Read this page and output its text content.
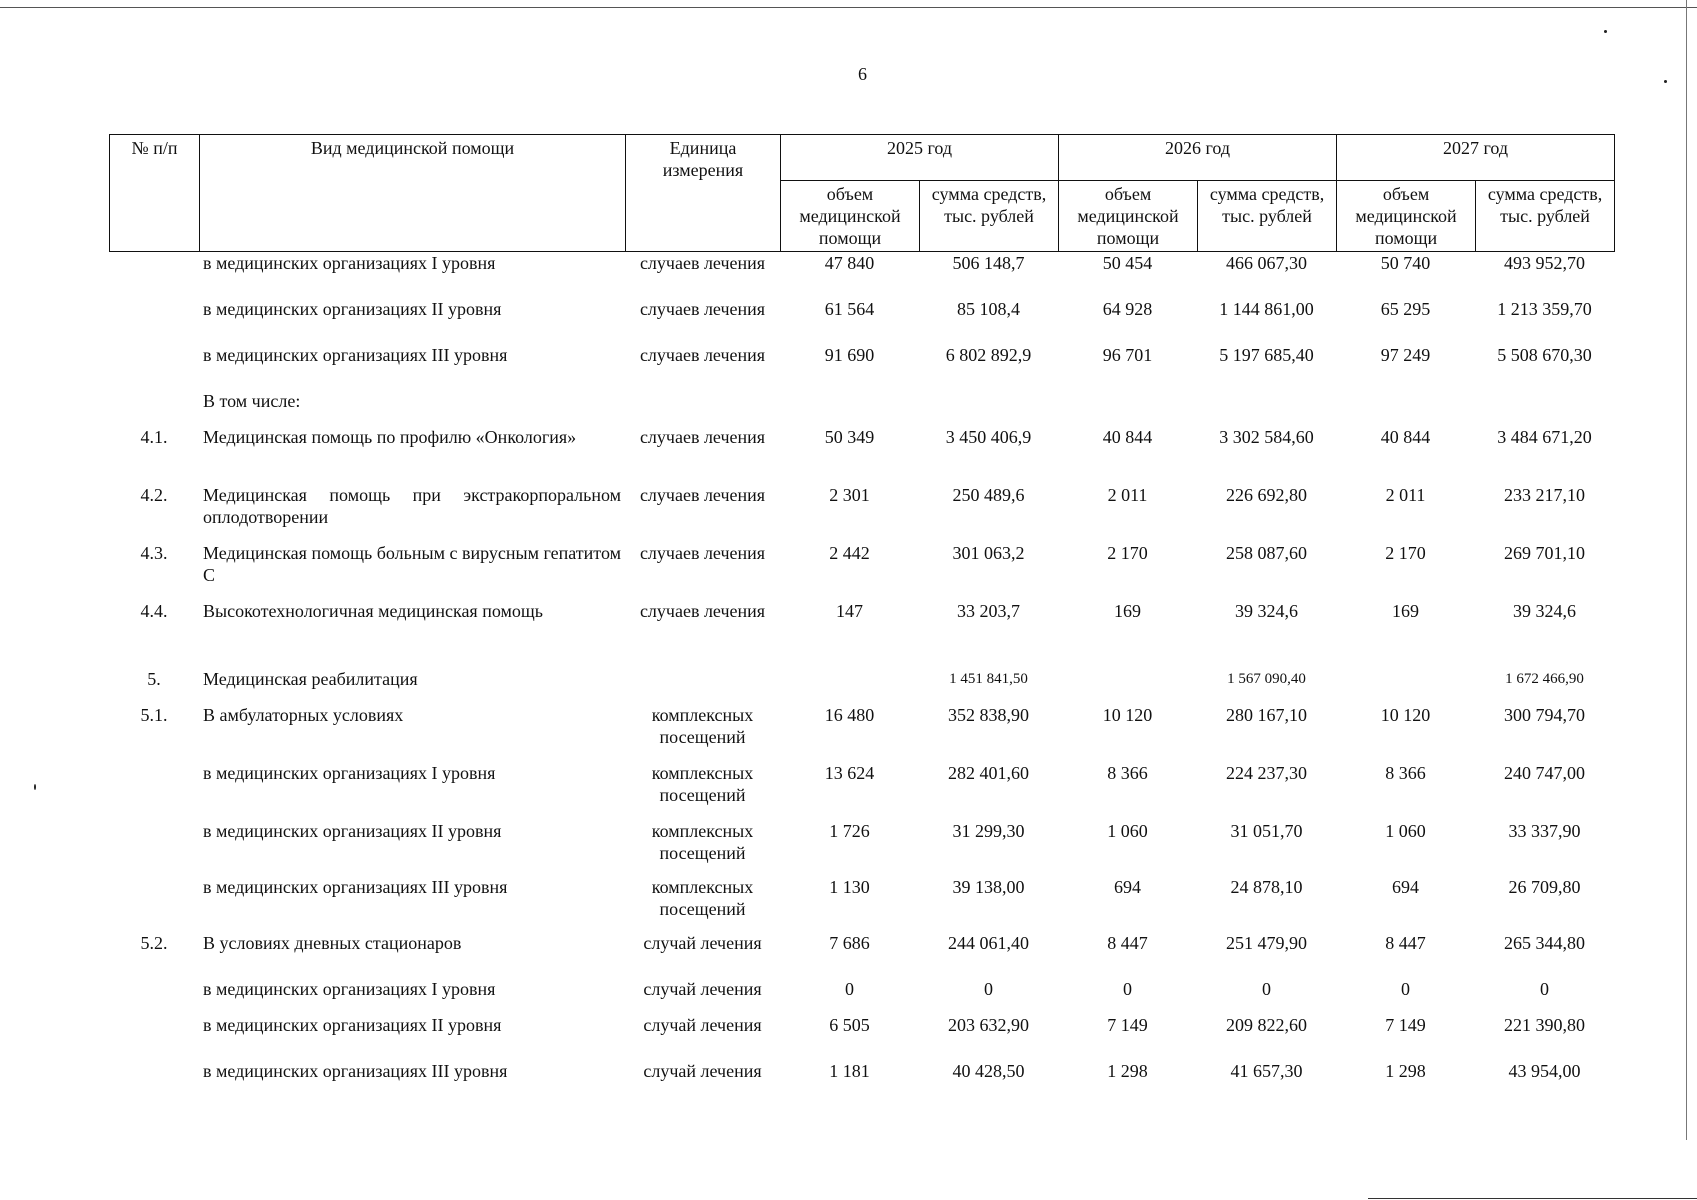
6
№ п/п	Вид медицинской помощи	Единица измерения	2025 год		2026 год		2027 год	
			объем медицинской помощи	сумма средств, тыс. рублей	объем медицинской помощи	сумма средств, тыс. рублей	объем медицинской помощи	сумма средств, тыс. рублей
	в медицинских организациях I уровня	случаев лечения	47 840	506 148,7	50 454	466 067,30	50 740	493 952,70
	в медицинских организациях II уровня	случаев лечения	61 564	85 108,4	64 928	1 144 861,00	65 295	1 213 359,70
	в медицинских организациях III уровня	случаев лечения	91 690	6 802 892,9	96 701	5 197 685,40	97 249	5 508 670,30
	В том числе:							
4.1.	Медицинская помощь по профилю «Онкология»	случаев лечения	50 349	3 450 406,9	40 844	3 302 584,60	40 844	3 484 671,20
4.2.	Медицинская помощь при экстракорпоральном оплодотворении	случаев лечения	2 301	250 489,6	2 011	226 692,80	2 011	233 217,10
4.3.	Медицинская помощь больным с вирусным гепатитом С	случаев лечения	2 442	301 063,2	2 170	258 087,60	2 170	269 701,10
4.4.	Высокотехнологичная медицинская помощь	случаев лечения	147	33 203,7	169	39 324,6	169	39 324,6
5.	Медицинская реабилитация			1 451 841,50		1 567 090,40		1 672 466,90
5.1.	В амбулаторных условиях	комплексных посещений	16 480	352 838,90	10 120	280 167,10	10 120	300 794,70
	в медицинских организациях I уровня	комплексных посещений	13 624	282 401,60	8 366	224 237,30	8 366	240 747,00
	в медицинских организациях II уровня	комплексных посещений	1 726	31 299,30	1 060	31 051,70	1 060	33 337,90
	в медицинских организациях III уровня	комплексных посещений	1 130	39 138,00	694	24 878,10	694	26 709,80
5.2.	В условиях дневных стационаров	случай лечения	7 686	244 061,40	8 447	251 479,90	8 447	265 344,80
	в медицинских организациях I уровня	случай лечения	0	0	0	0	0	0
	в медицинских организациях II уровня	случай лечения	6 505	203 632,90	7 149	209 822,60	7 149	221 390,80
	в медицинских организациях III уровня	случай лечения	1 181	40 428,50	1 298	41 657,30	1 298	43 954,00
